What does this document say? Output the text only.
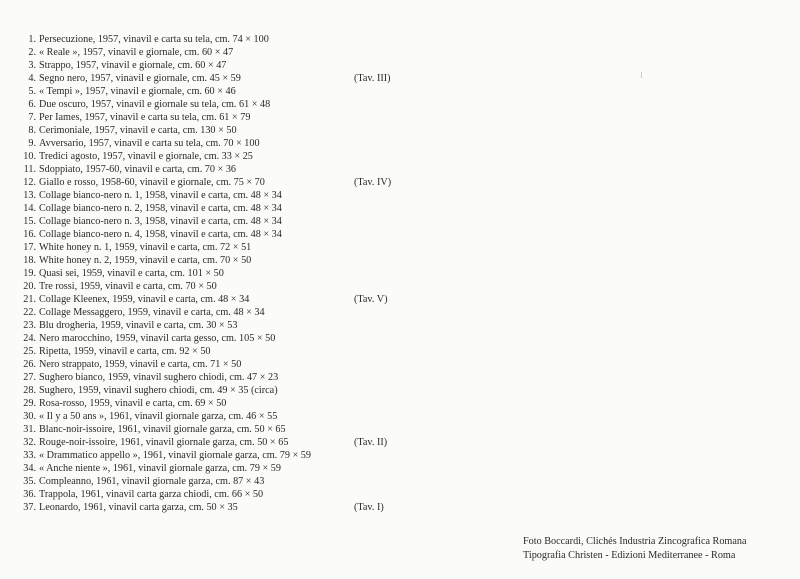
1. Persecuzione, 1957, vinavil e carta su tela, cm. 74 × 100
2. « Reale », 1957, vinavil e giornale, cm. 60 × 47
3. Strappo, 1957, vinavil e giornale, cm. 60 × 47
4. Segno nero, 1957, vinavil e giornale, cm. 45 × 59	(Tav. III)
5. « Tempi », 1957, vinavil e giornale, cm. 60 × 46
6. Due oscuro, 1957, vinavil e giornale su tela, cm. 61 × 48
7. Per Iames, 1957, vinavil e carta su tela, cm. 61 × 79
8. Cerimoniale, 1957, vinavil e carta, cm. 130 × 50
9. Avversario, 1957, vinavil e carta su tela, cm. 70 × 100
10. Tredici agosto, 1957, vinavil e giornale, cm. 33 × 25
11. Sdoppiato, 1957-60, vinavil e carta, cm. 70 × 36
12. Giallo e rosso, 1958-60, vinavil e giornale, cm. 75 × 70	(Tav. IV)
13. Collage bianco-nero n. 1, 1958, vinavil e carta, cm. 48 × 34
14. Collage bianco-nero n. 2, 1958, vinavil e carta, cm. 48 × 34
15. Collage bianco-nero n. 3, 1958, vinavil e carta, cm. 48 × 34
16. Collage bianco-nero n. 4, 1958, vinavil e carta, cm. 48 × 34
17. White honey n. 1, 1959, vinavil e carta, cm. 72 × 51
18. White honey n. 2, 1959, vinavil e carta, cm. 70 × 50
19. Quasi sei, 1959, vinavil e carta, cm. 101 × 50
20. Tre rossi, 1959, vinavil e carta, cm. 70 × 50
21. Collage Kleenex, 1959, vinavil e carta, cm. 48 × 34	(Tav. V)
22. Collage Messaggero, 1959, vinavil e carta, cm. 48 × 34
23. Blu drogheria, 1959, vinavil e carta, cm. 30 × 53
24. Nero marocchino, 1959, vinavil carta gesso, cm. 105 × 50
25. Ripetta, 1959, vinavil e carta, cm. 92 × 50
26. Nero strappato, 1959, vinavil e carta, cm. 71 × 50
27. Sughero bianco, 1959, vinavil sughero chiodi, cm. 47 × 23
28. Sughero, 1959, vinavil sughero chiodi, cm. 49 × 35 (circa)
29. Rosa-rosso, 1959, vinavil e carta, cm. 69 × 50
30. « Il y a 50 ans », 1961, vinavil giornale garza, cm. 46 × 55
31. Blanc-noir-issoire, 1961, vinavil giornale garza, cm. 50 × 65
32. Rouge-noir-issoire, 1961, vinavil giornale garza, cm. 50 × 65	(Tav. II)
33. « Drammatico appello », 1961, vinavil giornale garza, cm. 79 × 59
34. « Anche niente », 1961, vinavil giornale garza, cm. 79 × 59
35. Compleanno, 1961, vinavil giornale garza, cm. 87 × 43
36. Trappola, 1961, vinavil carta garza chiodi, cm. 66 × 50
37. Leonardo, 1961, vinavil carta garza, cm. 50 × 35	(Tav. I)
Foto Boccardi, Clichés Industria Zincografica Romana
Tipografia Christen - Edizioni Mediterranee - Roma
